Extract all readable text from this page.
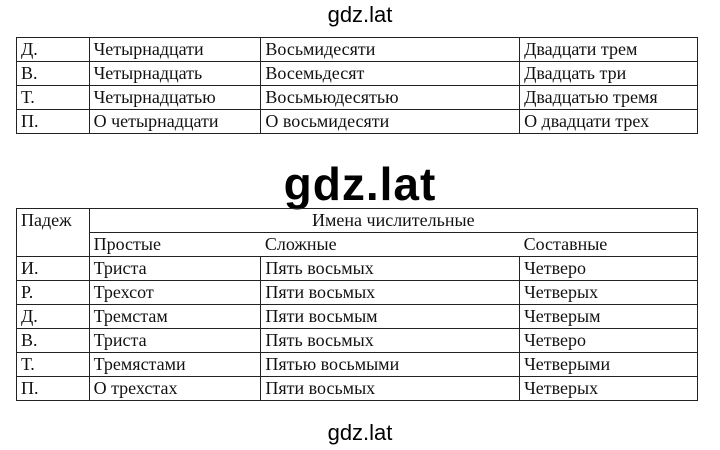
gdz.lat
Д.	Четырнадцати	Восьмидесяти	Двадцати трем
В.	Четырнадцать	Восемьдесят	Двадцать три
Т.	Четырнадцатью	Восьмьюдесятью	Двадцатью тремя
П.	О четырнадцати	О восьмидесяти	О двадцати трех
gdz.lat
Падеж	Имена числительные		
	Простые	Сложные	Составные
И.	Триста	Пять восьмых	Четверо
Р.	Трехсот	Пяти восьмых	Четверых
Д.	Тремстам	Пяти восьмым	Четверым
В.	Триста	Пять восьмых	Четверо
Т.	Тремястами	Пятью восьмыми	Четверыми
П.	О трехстах	Пяти восьмых	Четверых
gdz.lat
